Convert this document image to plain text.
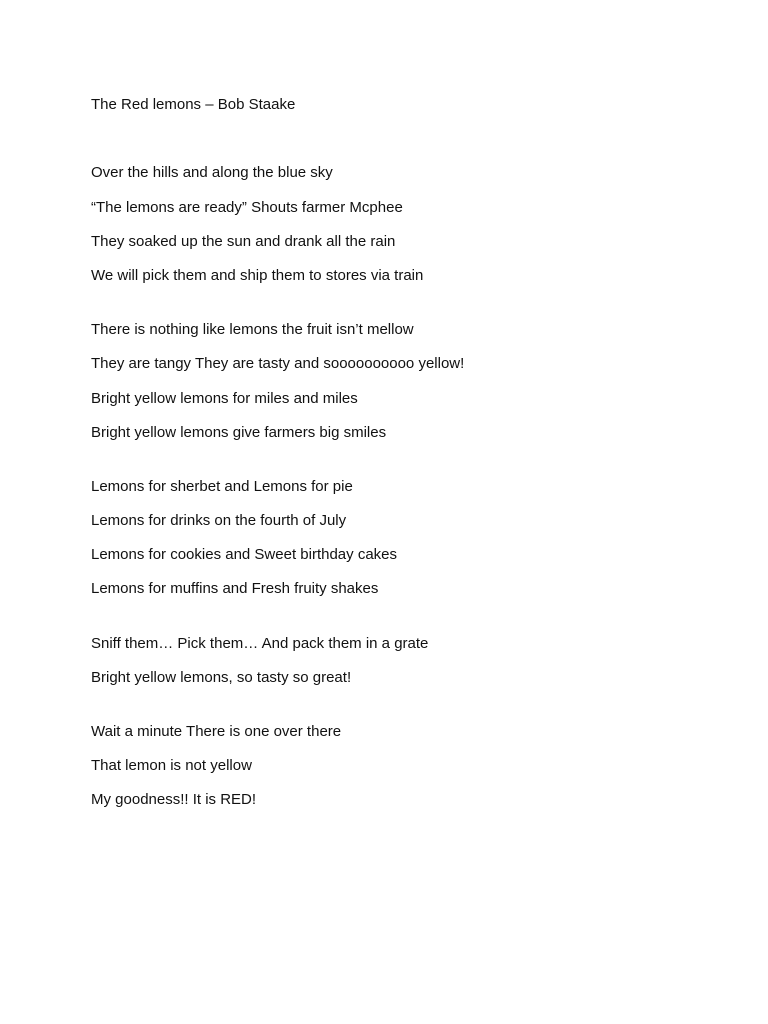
The Red lemons – Bob Staake
Over the hills and along the blue sky
“The lemons are ready” Shouts farmer Mcphee
They soaked up the sun and drank all the rain
We will pick them and ship them to stores via train
There is nothing like lemons the fruit isn’t mellow
They are tangy They are tasty and soooooooooo yellow!
Bright yellow lemons for miles and miles
Bright yellow lemons give farmers big smiles
Lemons for sherbet and Lemons for pie
Lemons for drinks on the fourth of July
Lemons for cookies and Sweet birthday cakes
Lemons for muffins and Fresh fruity shakes
Sniff them… Pick them… And pack them in a grate
Bright yellow lemons, so tasty so great!
Wait a minute There is one over there
That lemon is not yellow
My goodness!! It is RED!
